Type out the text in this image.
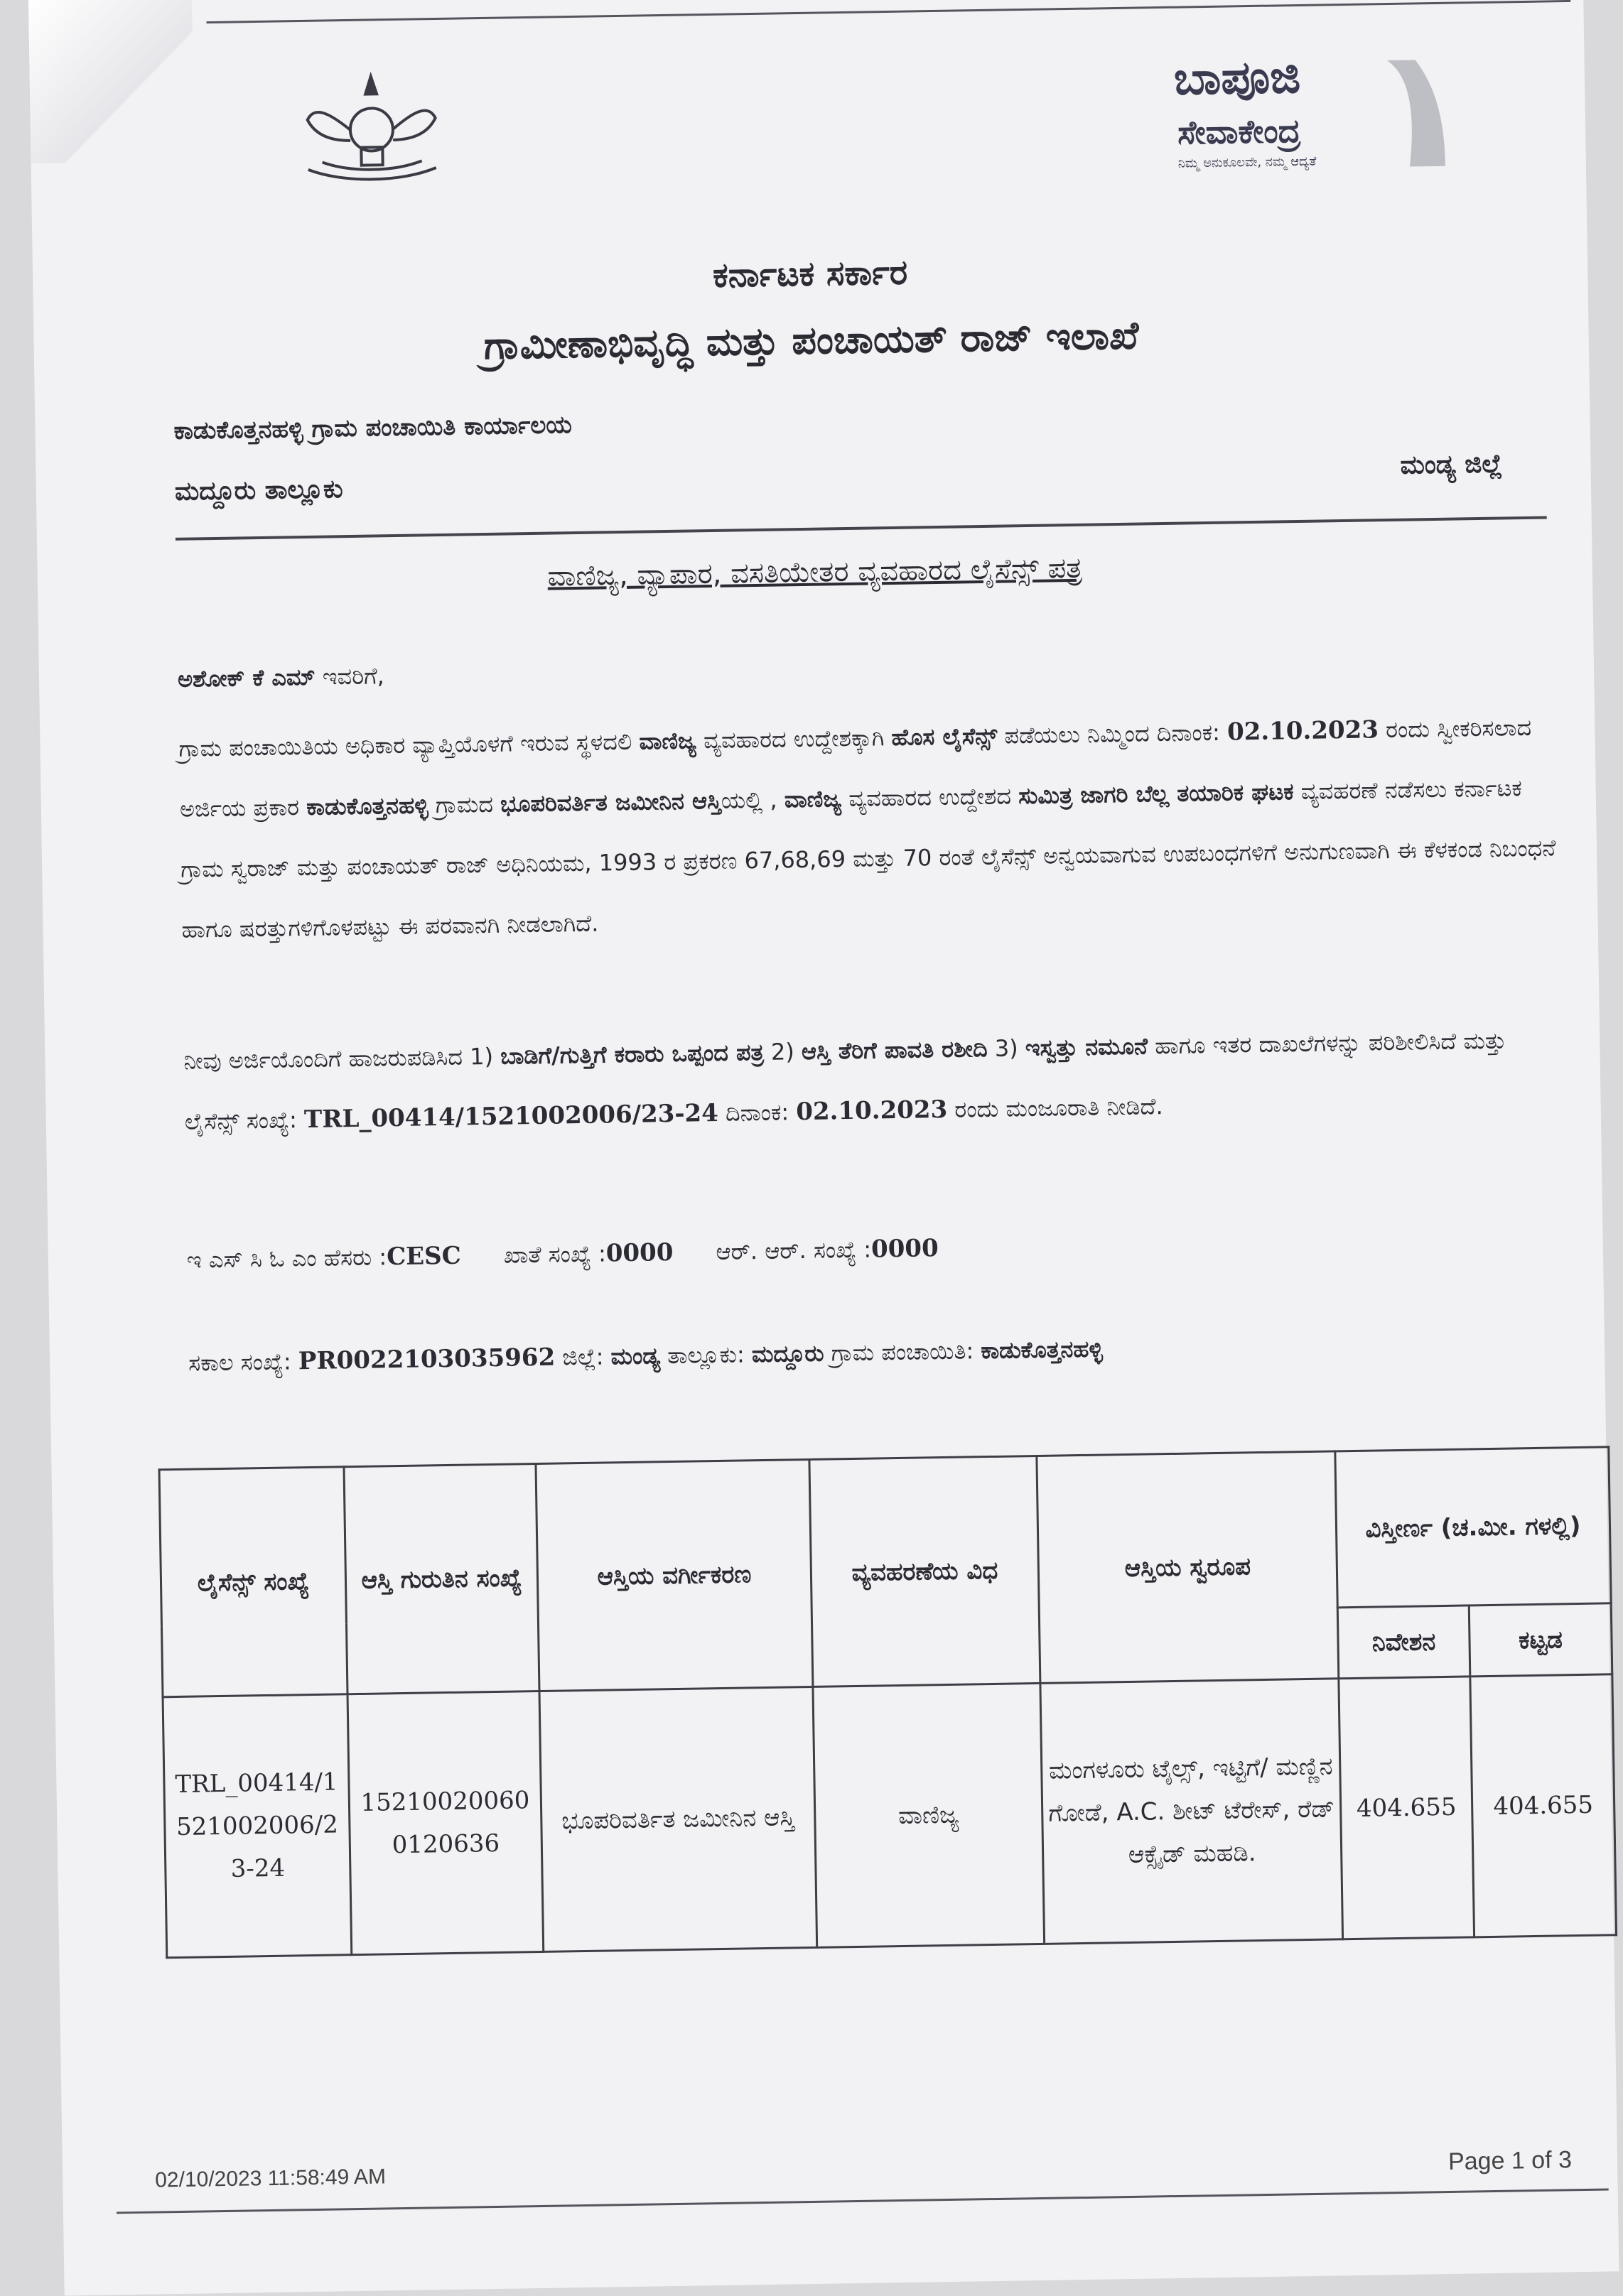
ಬಾಪೂಜಿ
ಸೇವಾಕೇಂದ್ರ
ನಿಮ್ಮ ಅನುಕೂಲವೇ, ನಮ್ಮ ಆದ್ಯತೆ
ಕರ್ನಾಟಕ ಸರ್ಕಾರ
ಗ್ರಾಮೀಣಾಭಿವೃದ್ಧಿ ಮತ್ತು ಪಂಚಾಯತ್ ರಾಜ್ ಇಲಾಖೆ
ಕಾಡುಕೊತ್ತನಹಳ್ಳಿ ಗ್ರಾಮ ಪಂಚಾಯಿತಿ ಕಾರ್ಯಾಲಯ
ಮದ್ದೂರು ತಾಲ್ಲೂಕು
ಮಂಡ್ಯ ಜಿಲ್ಲೆ
ವಾಣಿಜ್ಯ, ವ್ಯಾಪಾರ, ವಸತಿಯೇತರ ವ್ಯವಹಾರದ ಲೈಸೆನ್ಸ್ ಪತ್ರ
ಅಶೋಕ್ ಕೆ ಎಮ್ ಇವರಿಗೆ,
ಗ್ರಾಮ ಪಂಚಾಯಿತಿಯ ಅಧಿಕಾರ ವ್ಯಾಪ್ತಿಯೊಳಗೆ ಇರುವ ಸ್ಥಳದಲಿ ವಾಣಿಜ್ಯ ವ್ಯವಹಾರದ ಉದ್ದೇಶಕ್ಕಾಗಿ ಹೊಸ ಲೈಸೆನ್ಸ್ ಪಡೆಯಲು ನಿಮ್ಮಿಂದ ದಿನಾಂಕ: 02.10.2023 ರಂದು ಸ್ವೀಕರಿಸಲಾದ ಅರ್ಜಿಯ ಪ್ರಕಾರ ಕಾಡುಕೊತ್ತನಹಳ್ಳಿ ಗ್ರಾಮದ ಭೂಪರಿವರ್ತಿತ ಜಮೀನಿನ ಆಸ್ತಿಯಲ್ಲಿ , ವಾಣಿಜ್ಯ ವ್ಯವಹಾರದ ಉದ್ದೇಶದ ಸುಮಿತ್ರ ಜಾಗರಿ ಬೆಲ್ಲ ತಯಾರಿಕ ಘಟಕ ವ್ಯವಹರಣೆ ನಡೆಸಲು ಕರ್ನಾಟಕ ಗ್ರಾಮ ಸ್ವರಾಜ್ ಮತ್ತು ಪಂಚಾಯತ್ ರಾಜ್ ಅಧಿನಿಯಮ, 1993 ರ ಪ್ರಕರಣ 67,68,69 ಮತ್ತು 70 ರಂತೆ ಲೈಸೆನ್ಸ್ ಅನ್ವಯವಾಗುವ ಉಪಬಂಧಗಳಿಗೆ ಅನುಗುಣವಾಗಿ ಈ ಕೆಳಕಂಡ ನಿಬಂಧನೆ ಹಾಗೂ ಷರತ್ತುಗಳಿಗೊಳಪಟ್ಟು ಈ ಪರವಾನಗಿ ನೀಡಲಾಗಿದೆ.
ನೀವು ಅರ್ಜಿಯೊಂದಿಗೆ ಹಾಜರುಪಡಿಸಿದ 1) ಬಾಡಿಗೆ/ಗುತ್ತಿಗೆ ಕರಾರು ಒಪ್ಪಂದ ಪತ್ರ 2) ಆಸ್ತಿ ತೆರಿಗೆ ಪಾವತಿ ರಶೀದಿ 3) ಇಸ್ವತ್ತು ನಮೂನೆ ಹಾಗೂ ಇತರ ದಾಖಲೆಗಳನ್ನು ಪರಿಶೀಲಿಸಿದೆ ಮತ್ತು ಲೈಸೆನ್ಸ್ ಸಂಖ್ಯೆ: TRL_00414/1521002006/23-24 ದಿನಾಂಕ: 02.10.2023 ರಂದು ಮಂಜೂರಾತಿ ನೀಡಿದೆ.
ಇ ಎಸ್ ಸಿ ಓ ಎಂ ಹೆಸರು :CESC ಖಾತೆ ಸಂಖ್ಯೆ :0000 ಆರ್. ಆರ್. ಸಂಖ್ಯೆ :0000
ಸಕಾಲ ಸಂಖ್ಯೆ: PR0022103035962 ಜಿಲ್ಲೆ: ಮಂಡ್ಯ ತಾಲ್ಲೂಕು: ಮದ್ದೂರು ಗ್ರಾಮ ಪಂಚಾಯಿತಿ: ಕಾಡುಕೊತ್ತನಹಳ್ಳಿ
ಲೈಸೆನ್ಸ್ ಸಂಖ್ಯೆ	ಆಸ್ತಿ ಗುರುತಿನ ಸಂಖ್ಯೆ	ಆಸ್ತಿಯ ವರ್ಗೀಕರಣ	ವ್ಯವಹರಣೆಯ ವಿಧ	ಆಸ್ತಿಯ ಸ್ವರೂಪ	ವಿಸ್ತೀರ್ಣ (ಚ.ಮೀ. ಗಳಲ್ಲಿ)	
					ನಿವೇಶನ	ಕಟ್ಟಡ
TRL_00414/1521002006/23-24	152100200600120636	ಭೂಪರಿವರ್ತಿತ ಜಮೀನಿನ ಆಸ್ತಿ	ವಾಣಿಜ್ಯ	ಮಂಗಳೂರು ಟೈಲ್ಸ್, ಇಟ್ಟಿಗೆ/ ಮಣ್ಣಿನ ಗೋಡೆ, A.C. ಶೀಟ್ ಟೆರೇಸ್, ರೆಡ್ ಆಕ್ಸೈಡ್ ಮಹಡಿ.	404.655	404.655
02/10/2023 11:58:49 AM
Page 1 of 3
